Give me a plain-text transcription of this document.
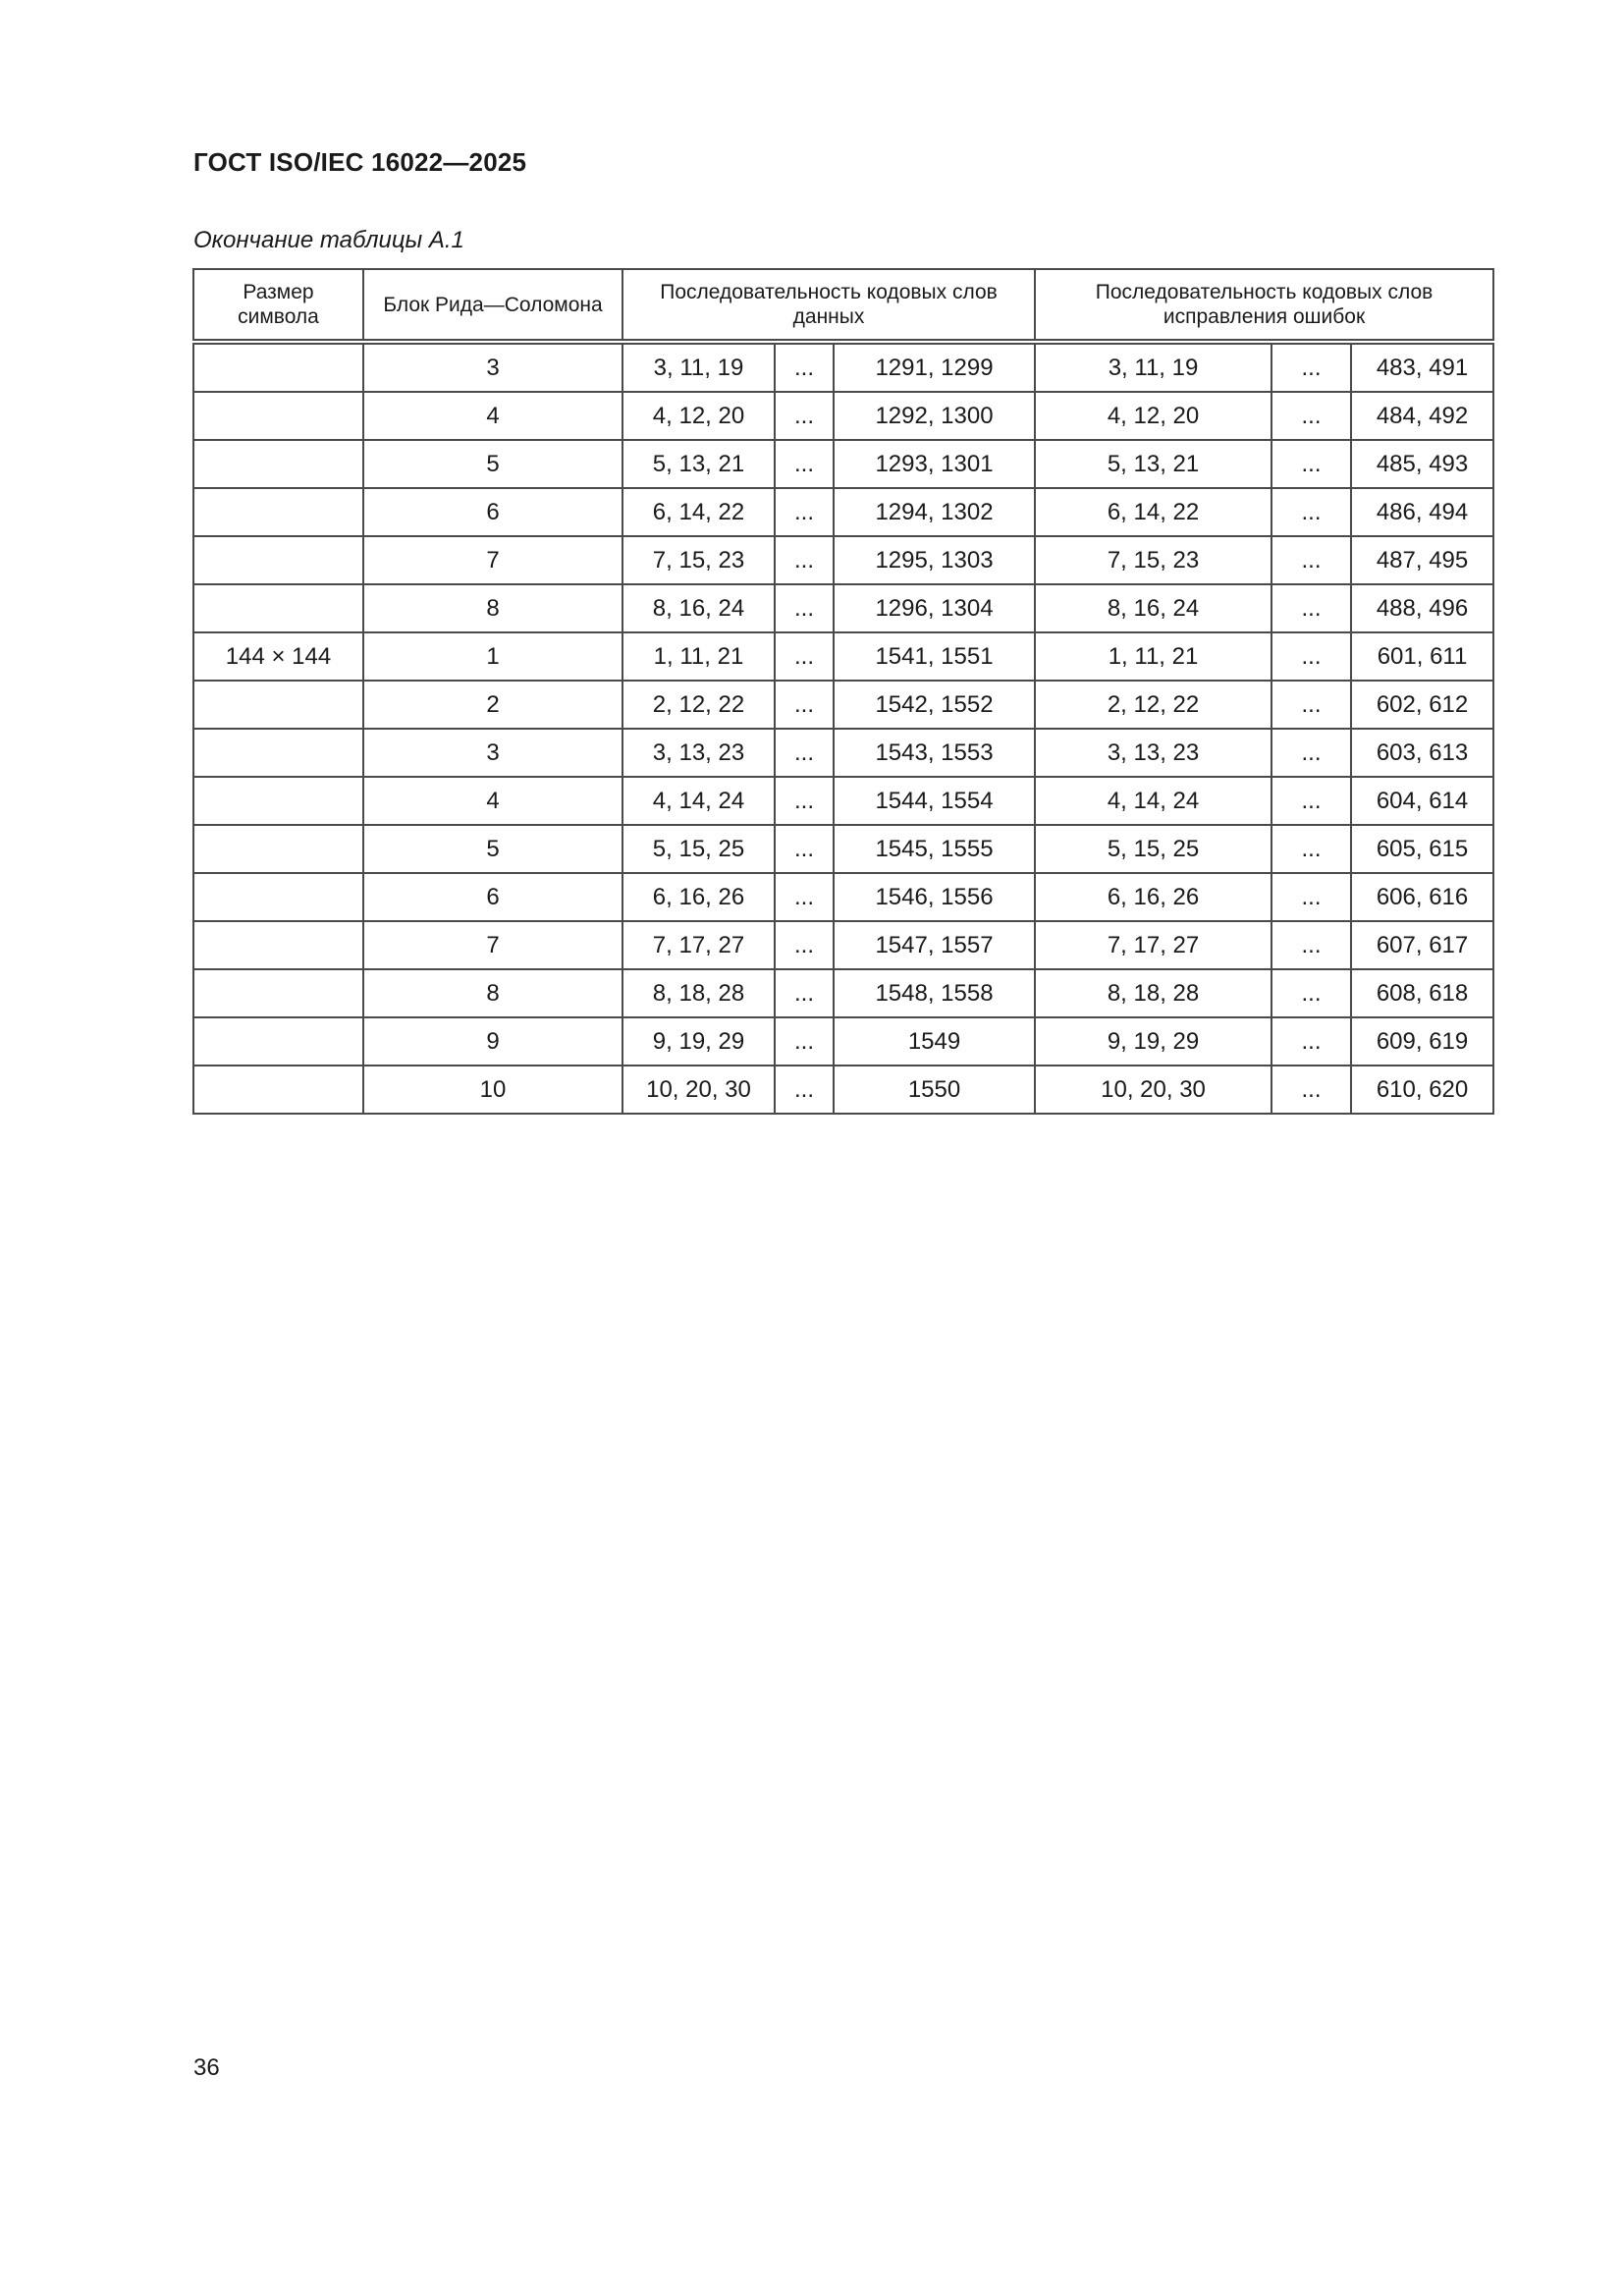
ГОСТ ISO/IEC 16022—2025
Окончание таблицы А.1
Размер символа	Блок Рида—Соломона	Последовательность кодовых слов данных			Последовательность кодовых слов исправления ошибок		
	3	3, 11, 19	...	1291, 1299	3, 11, 19	...	483, 491
	4	4, 12, 20	...	1292, 1300	4, 12, 20	...	484, 492
	5	5, 13, 21	...	1293, 1301	5, 13, 21	...	485, 493
	6	6, 14, 22	...	1294, 1302	6, 14, 22	...	486, 494
	7	7, 15, 23	...	1295, 1303	7, 15, 23	...	487, 495
	8	8, 16, 24	...	1296, 1304	8, 16, 24	...	488, 496
144 × 144	1	1, 11, 21	...	1541, 1551	1, 11, 21	...	601, 611
	2	2, 12, 22	...	1542, 1552	2, 12, 22	...	602, 612
	3	3, 13, 23	...	1543, 1553	3, 13, 23	...	603, 613
	4	4, 14, 24	...	1544, 1554	4, 14, 24	...	604, 614
	5	5, 15, 25	...	1545, 1555	5, 15, 25	...	605, 615
	6	6, 16, 26	...	1546, 1556	6, 16, 26	...	606, 616
	7	7, 17, 27	...	1547, 1557	7, 17, 27	...	607, 617
	8	8, 18, 28	...	1548, 1558	8, 18, 28	...	608, 618
	9	9, 19, 29	...	1549	9, 19, 29	...	609, 619
	10	10, 20, 30	...	1550	10, 20, 30	...	610, 620
36
